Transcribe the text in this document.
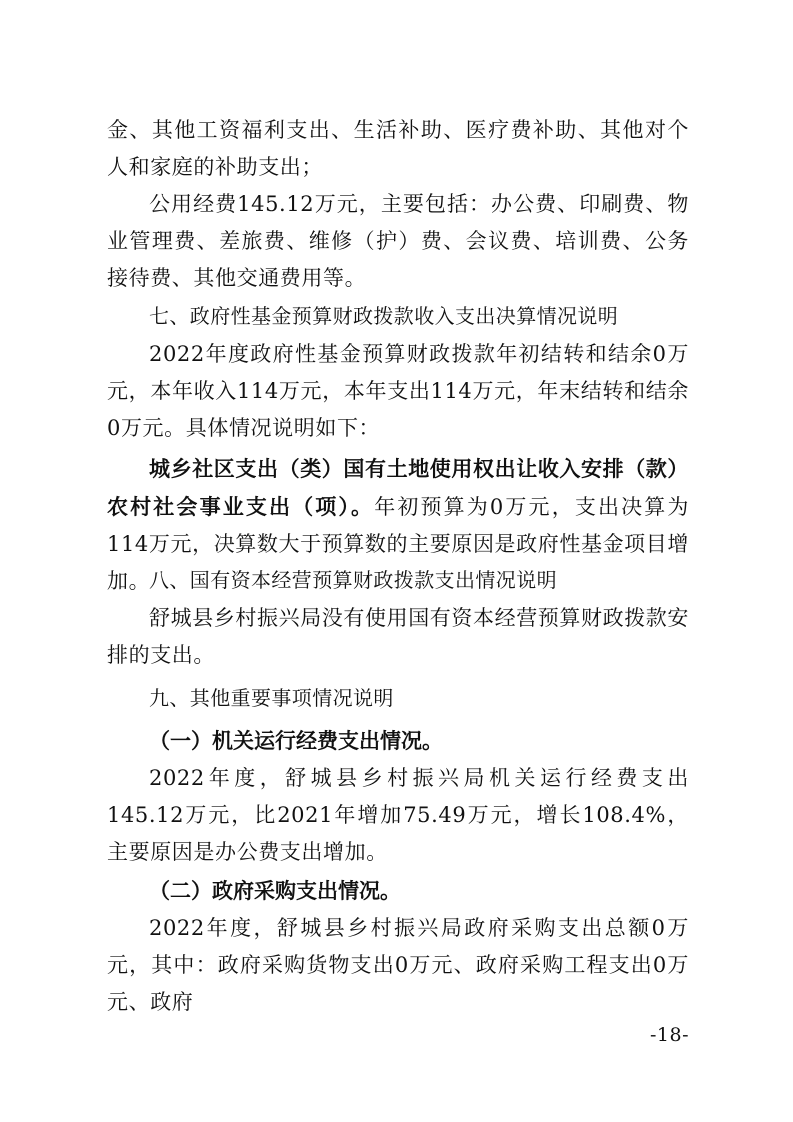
金、其他工资福利支出、生活补助、医疗费补助、其他对个人和家庭的补助支出；

公用经费145.12万元，主要包括：办公费、印刷费、物业管理费、差旅费、维修（护）费、会议费、培训费、公务接待费、其他交通费用等。

七、政府性基金预算财政拨款收入支出决算情况说明

2022年度政府性基金预算财政拨款年初结转和结余0万元，本年收入114万元，本年支出114万元，年末结转和结余0万元。具体情况说明如下：

城乡社区支出（类）国有土地使用权出让收入安排（款）农村社会事业支出（项）。年初预算为0万元，支出决算为114万元，决算数大于预算数的主要原因是政府性基金项目增加。

八、国有资本经营预算财政拨款支出情况说明

舒城县乡村振兴局没有使用国有资本经营预算财政拨款安排的支出。

九、其他重要事项情况说明
（一）机关运行经费支出情况。

2022年度，舒城县乡村振兴局机关运行经费支出145.12万元，比2021年增加75.49万元，增长108.4%，主要原因是办公费支出增加。

（二）政府采购支出情况。

2022年度，舒城县乡村振兴局政府采购支出总额0万元，其中：政府采购货物支出0万元、政府采购工程支出0万元、政府

-18-
